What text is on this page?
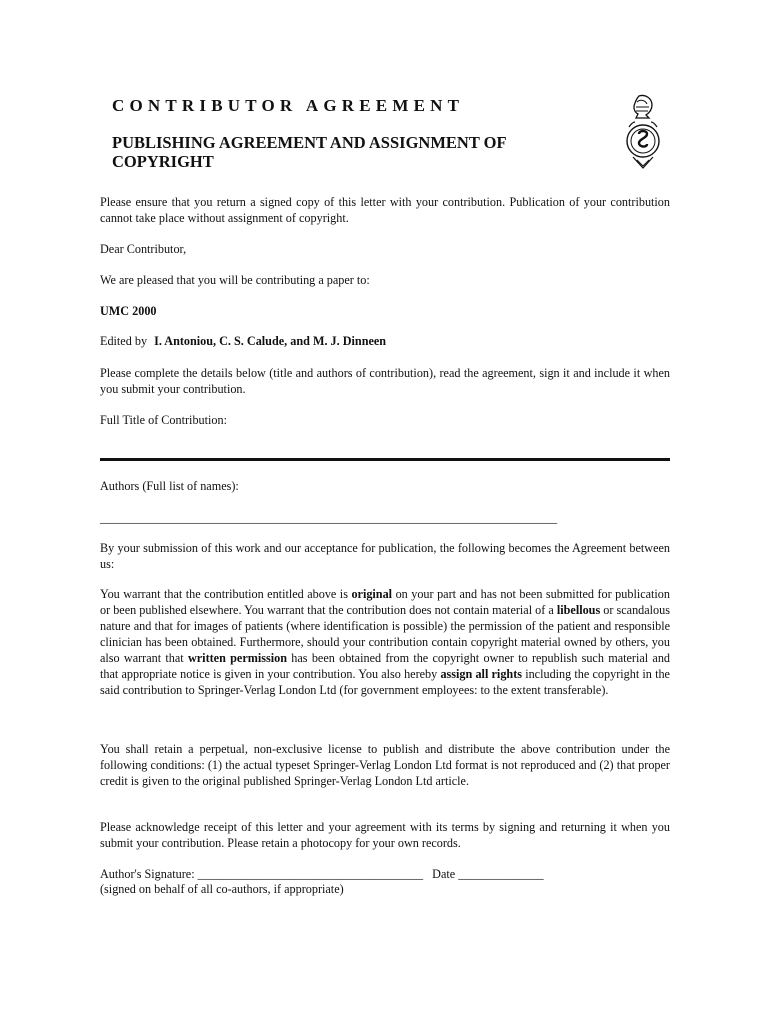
CONTRIBUTOR AGREEMENT
PUBLISHING AGREEMENT AND ASSIGNMENT OF COPYRIGHT
Please ensure that you return a signed copy of this letter with your contribution. Publication of your contribution cannot take place without assignment of copyright.
Dear Contributor,
We are pleased that you will be contributing a paper to:
UMC 2000
Edited by I. Antoniou, C. S. Calude, and M. J. Dinneen
Please complete the details below (title and authors of contribution), read the agreement, sign it and include it when you submit your contribution.
Full Title of Contribution:
Authors (Full list of names):
___________________________________________________________________________
By your submission of this work and our acceptance for publication, the following becomes the Agreement between us:
You warrant that the contribution entitled above is original on your part and has not been submitted for publication or been published elsewhere. You warrant that the contribution does not contain material of a libellous or scandalous nature and that for images of patients (where identification is possible) the permission of the patient and responsible clinician has been obtained. Furthermore, should your contribution contain copyright material owned by others, you also warrant that written permission has been obtained from the copyright owner to republish such material and that appropriate notice is given in your contribution. You also hereby assign all rights including the copyright in the said contribution to Springer-Verlag London Ltd (for government employees: to the extent transferable).
You shall retain a perpetual, non-exclusive license to publish and distribute the above contribution under the following conditions: (1) the actual typeset Springer-Verlag London Ltd format is not reproduced and (2) that proper credit is given to the original published Springer-Verlag London Ltd article.
Please acknowledge receipt of this letter and your agreement with its terms by signing and returning it when you submit your contribution. Please retain a photocopy for your own records.
Author's Signature: _____________________________________ Date ______________
(signed on behalf of all co-authors, if appropriate)
